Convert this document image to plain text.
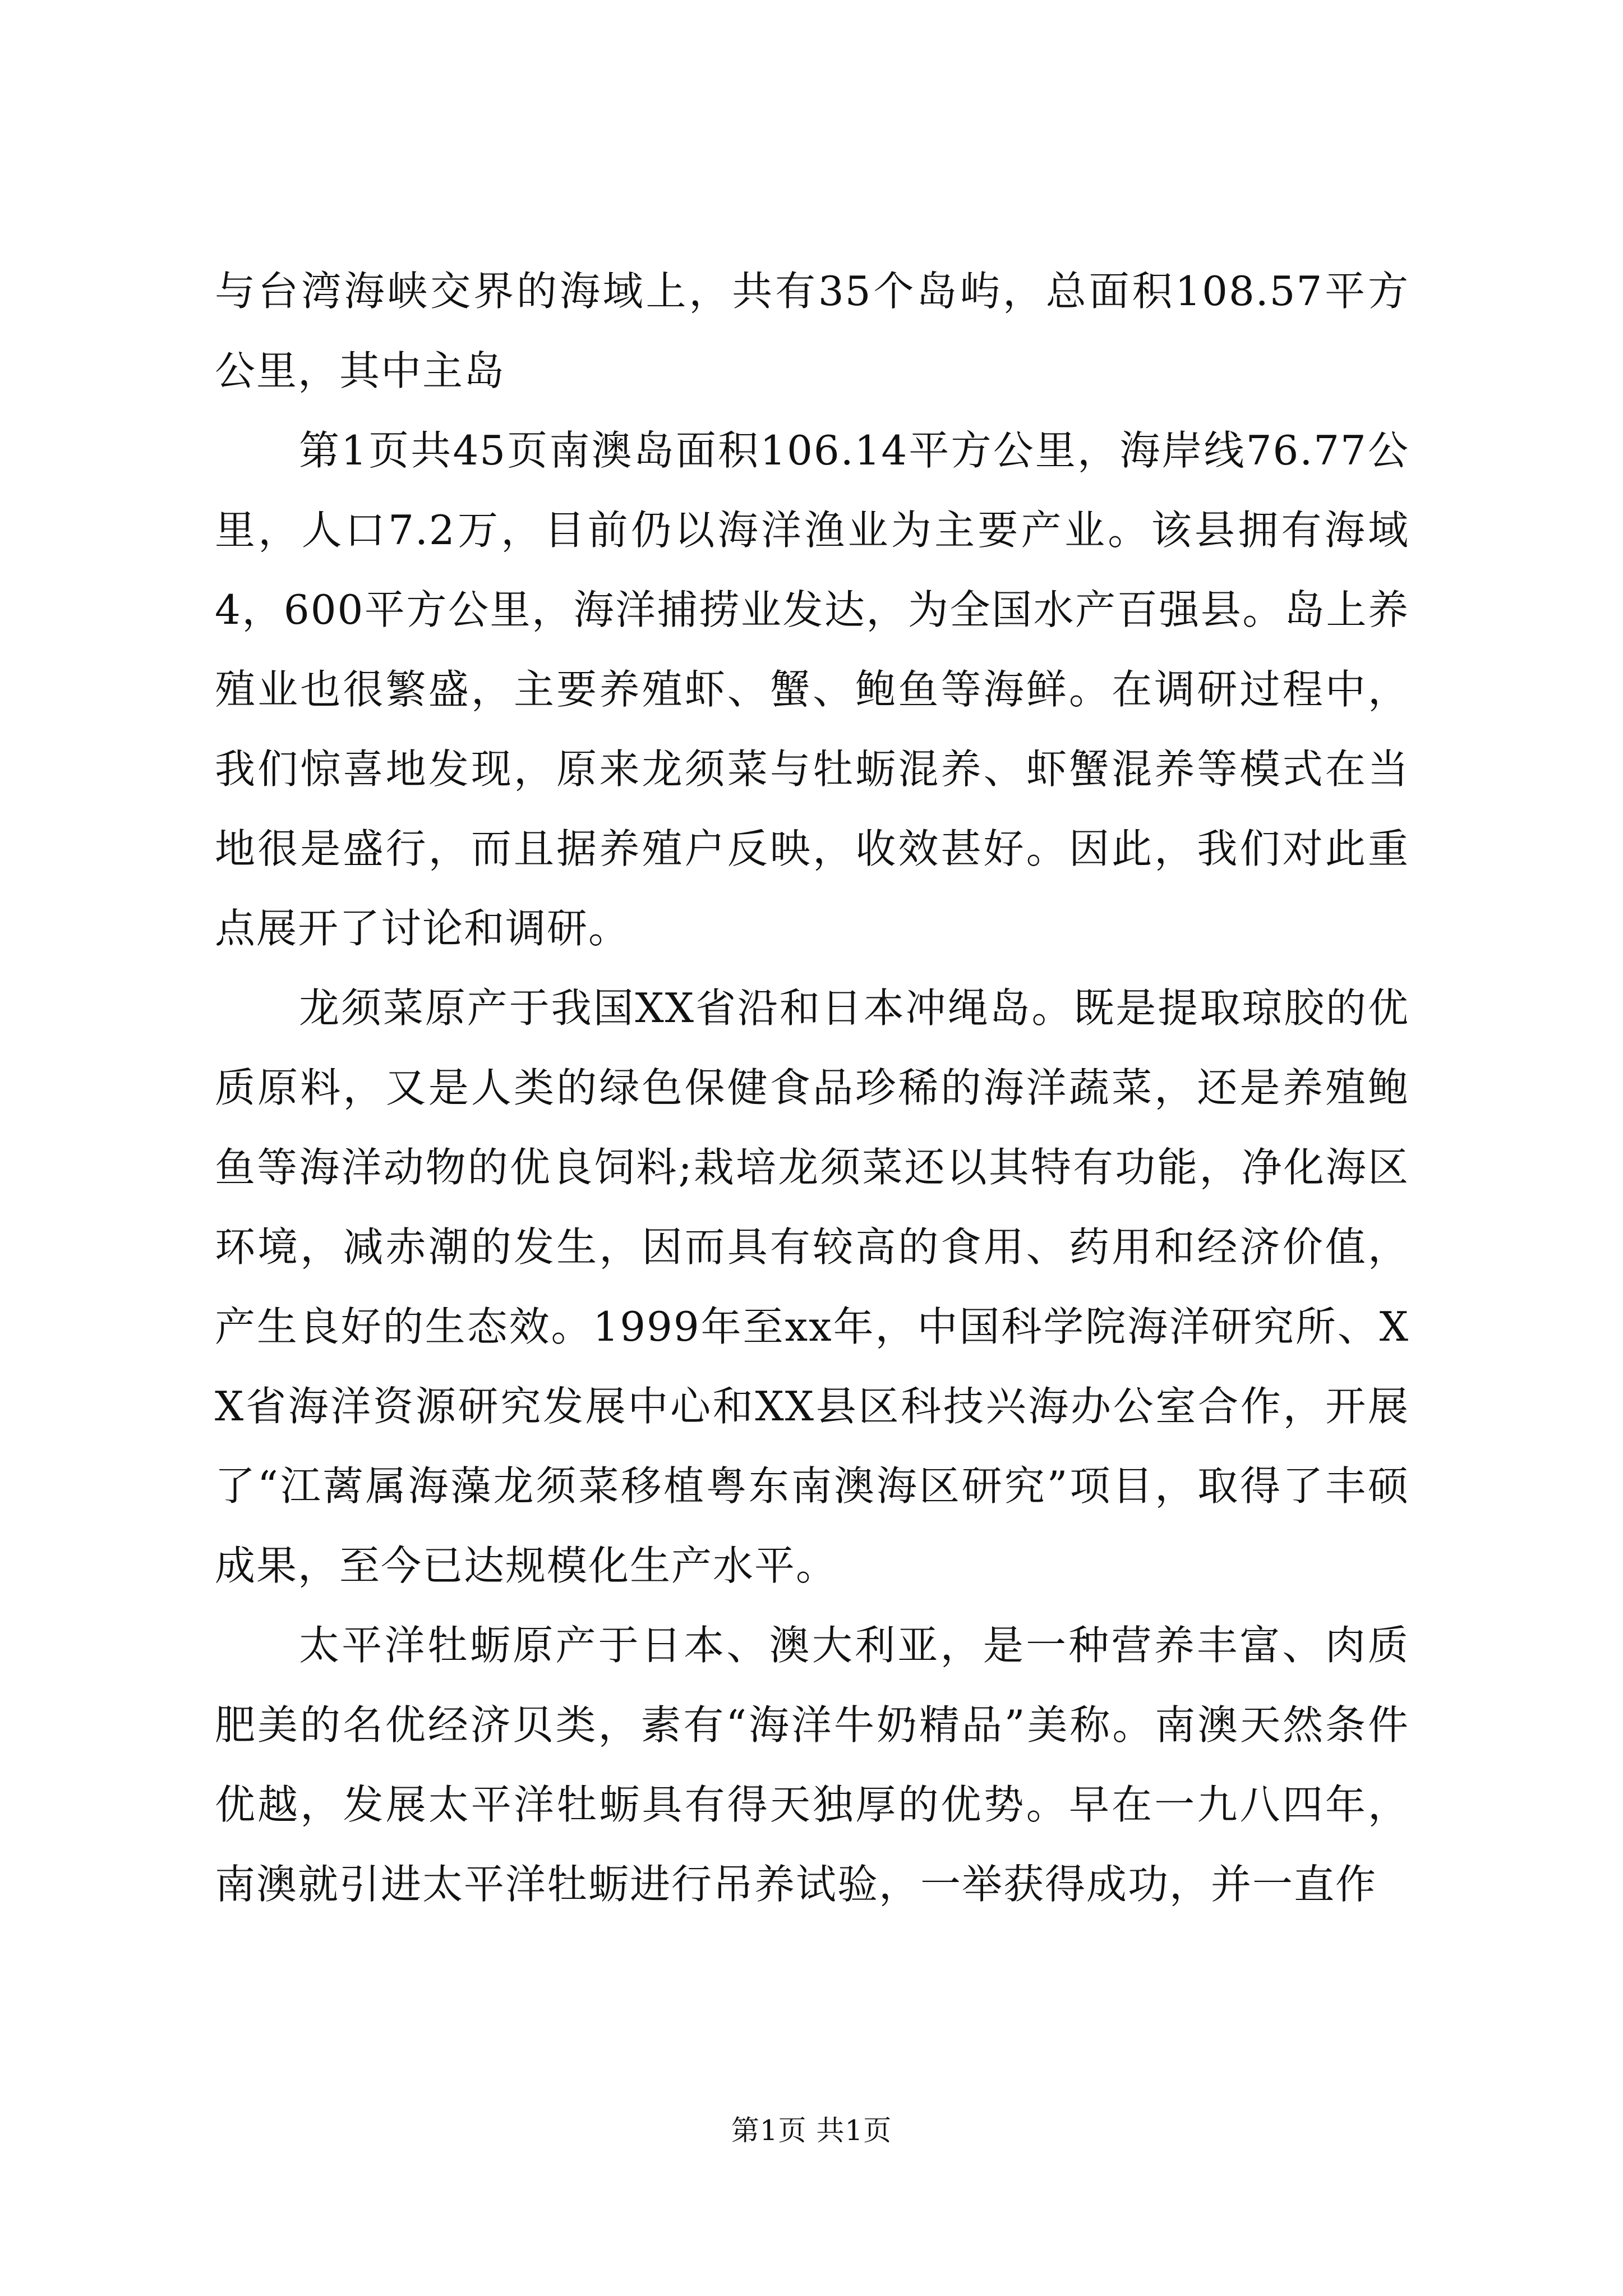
与台湾海峡交界的海域上，共有35个岛屿，总面积108.57平方公里，其中主岛

第1页共45页南澳岛面积106.14平方公里，海岸线76.77公里，人口7.2万，目前仍以海洋渔业为主要产业。该县拥有海域4，600平方公里，海洋捕捞业发达，为全国水产百强县。岛上养殖业也很繁盛，主要养殖虾、蟹、鲍鱼等海鲜。在调研过程中，我们惊喜地发现，原来龙须菜与牡蛎混养、虾蟹混养等模式在当地很是盛行，而且据养殖户反映，收效甚好。因此，我们对此重点展开了讨论和调研。

龙须菜原产于我国XX省沿和日本冲绳岛。既是提取琼胶的优质原料，又是人类的绿色保健食品珍稀的海洋蔬菜，还是养殖鲍鱼等海洋动物的优良饲料;栽培龙须菜还以其特有功能，净化海区环境，减赤潮的发生，因而具有较高的食用、药用和经济价值，产生良好的生态效。1999年至xx年，中国科学院海洋研究所、XX省海洋资源研究发展中心和XX县区科技兴海办公室合作，开展了“江蓠属海藻龙须菜移植粤东南澳海区研究”项目，取得了丰硕成果，至今已达规模化生产水平。

太平洋牡蛎原产于日本、澳大利亚，是一种营养丰富、肉质肥美的名优经济贝类，素有“海洋牛奶精品”美称。南澳天然条件优越，发展太平洋牡蛎具有得天独厚的优势。早在一九八四年，南澳就引进太平洋牡蛎进行吊养试验，一举获得成功，并一直作

第1页 共1页
